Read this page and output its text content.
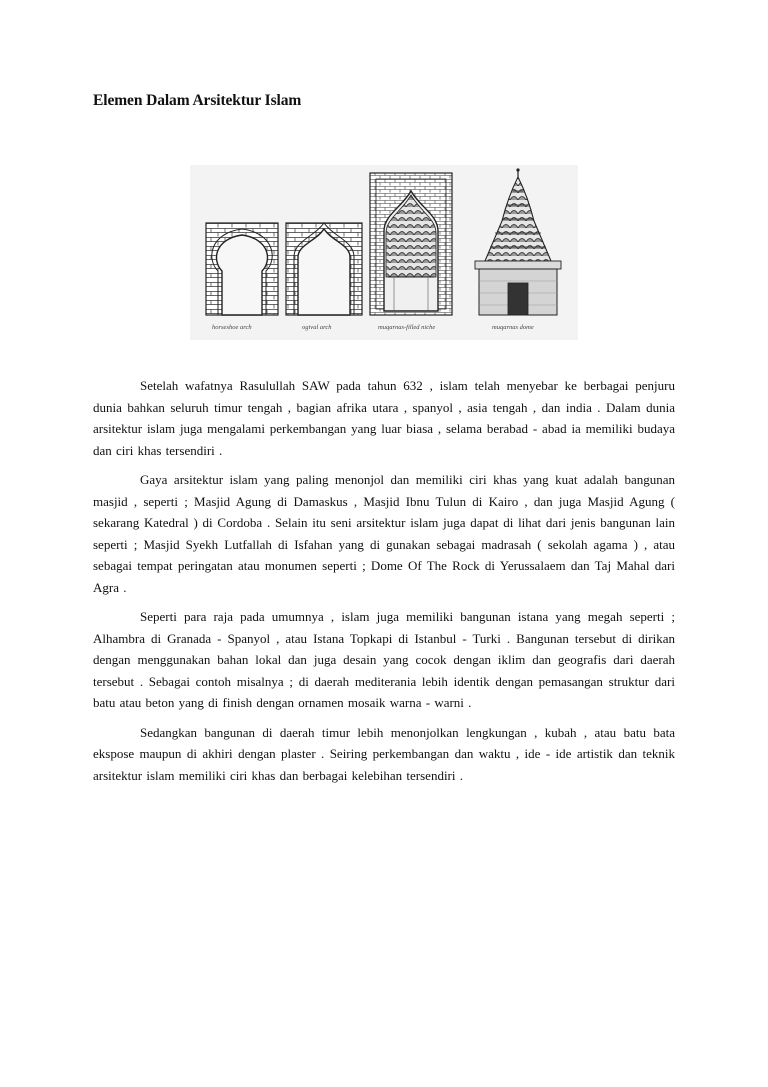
Elemen Dalam Arsitektur Islam
horseshoe arch	ogival arch	muqarnas-filled niche	muqarnas dome

Setelah wafatnya Rasulullah SAW pada tahun 632 , islam telah menyebar ke berbagai penjuru dunia bahkan seluruh timur tengah , bagian afrika utara , spanyol , asia tengah , dan india . Dalam dunia arsitektur islam juga mengalami perkembangan yang luar biasa , selama berabad - abad ia memiliki budaya dan ciri khas tersendiri .

Gaya arsitektur islam yang paling menonjol dan memiliki ciri khas yang kuat adalah bangunan masjid , seperti ; Masjid Agung di Damaskus , Masjid Ibnu Tulun di Kairo , dan juga Masjid Agung ( sekarang Katedral ) di Cordoba . Selain itu seni arsitektur islam juga dapat di lihat dari jenis bangunan lain seperti ; Masjid Syekh Lutfallah di Isfahan yang di gunakan sebagai madrasah ( sekolah agama ) , atau sebagai tempat peringatan atau monumen seperti ; Dome Of The Rock di Yerussalaem dan Taj Mahal dari Agra .

Seperti para raja pada umumnya , islam juga memiliki bangunan istana yang megah seperti ; Alhambra di Granada - Spanyol , atau Istana Topkapi di Istanbul - Turki . Bangunan tersebut di dirikan dengan menggunakan bahan lokal dan juga desain yang cocok dengan iklim dan geografis dari daerah tersebut . Sebagai contoh misalnya ; di daerah mediterania lebih identik dengan pemasangan struktur dari batu atau beton yang di finish dengan ornamen mosaik warna - warni .

Sedangkan bangunan di daerah timur lebih menonjolkan lengkungan , kubah , atau batu bata ekspose maupun di akhiri dengan plaster . Seiring perkembangan dan waktu , ide - ide artistik dan teknik arsitektur islam memiliki ciri khas dan berbagai kelebihan tersendiri .
